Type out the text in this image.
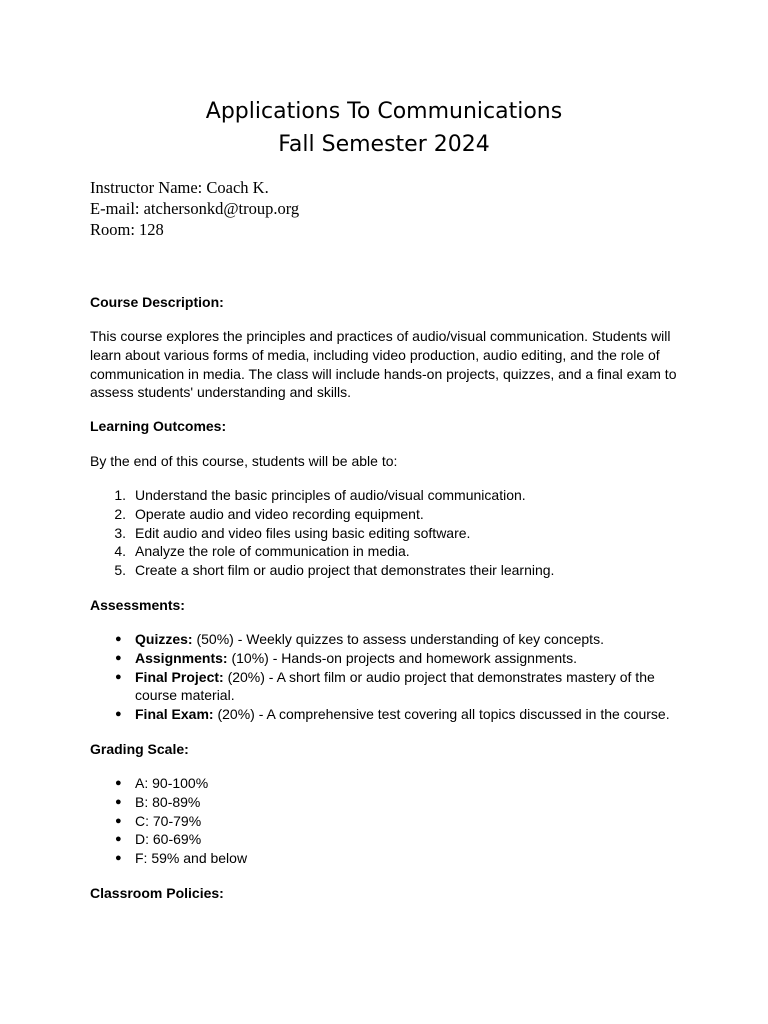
Applications To Communications
Fall Semester 2024
Instructor Name: Coach K.
E-mail: atchersonkd@troup.org
Room: 128
Course Description:

This course explores the principles and practices of audio/visual communication. Students will learn about various forms of media, including video production, audio editing, and the role of communication in media. The class will include hands-on projects, quizzes, and a final exam to assess students' understanding and skills.

Learning Outcomes:
By the end of this course, students will be able to:
1. Understand the basic principles of audio/visual communication.
2. Operate audio and video recording equipment.
3. Edit audio and video files using basic editing software.
4. Analyze the role of communication in media.
5. Create a short film or audio project that demonstrates their learning.
Assessments:
● Quizzes: (50%) - Weekly quizzes to assess understanding of key concepts.
● Assignments: (10%) - Hands-on projects and homework assignments.
● Final Project: (20%) - A short film or audio project that demonstrates mastery of the course material.
● Final Exam: (20%) - A comprehensive test covering all topics discussed in the course.
Grading Scale:
● A: 90-100%
● B: 80-89%
● C: 70-79%
● D: 60-69%
● F: 59% and below
Classroom Policies:
